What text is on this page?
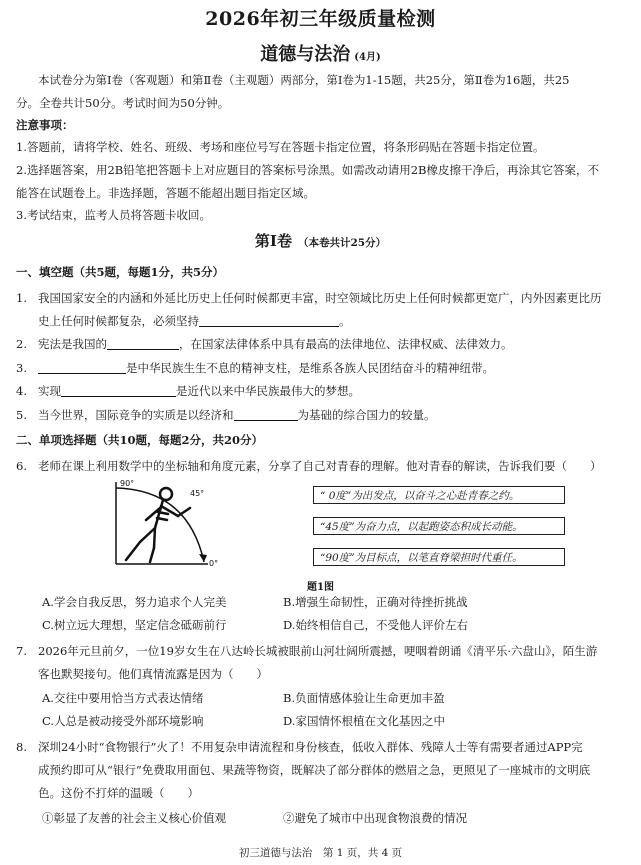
2026年初三年级质量检测
道德与法治 (4月)
本试卷分为第Ⅰ卷（客观题）和第Ⅱ卷（主观题）两部分，第Ⅰ卷为1-15题，共25分，第Ⅱ卷为16题，共25
分。全卷共计50分。考试时间为50分钟。
注意事项：
1.答题前，请将学校、姓名、班级、考场和座位号写在答题卡指定位置，将条形码贴在答题卡指定位置。
2.选择题答案，用2B铅笔把答题卡上对应题目的答案标号涂黑。如需改动请用2B橡皮擦干净后，再涂其它答案，不
能答在试题卷上。非选择题，答题不能超出题目指定区域。
3.考试结束，监考人员将答题卡收回。
第Ⅰ卷 （本卷共计25分）
一、填空题（共5题，每题1分，共5分）
1. 我国国家安全的内涵和外延比历史上任何时候都更丰富，时空领域比历史上任何时候都更宽广，内外因素更比历
史上任何时候都复杂，必须坚持	。
2. 宪法是我国的	，在国家法律体系中具有最高的法律地位、法律权威、法律效力。
3.	是中华民族生生不息的精神支柱，是维系各族人民团结奋斗的精神纽带。
4. 实现	是近代以来中华民族最伟大的梦想。
5. 当今世界，国际竞争的实质是以经济和	为基础的综合国力的较量。
二、单项选择题（共10题，每题2分，共20分）
6. 老师在课上利用数学中的坐标轴和角度元素，分享了自己对青春的理解。他对青春的解读，告诉我们要（　　）
90°
45°
0°
“ 0度”为出发点，以奋斗之心赴青春之约。
“45度”为奋力点，以起跑姿态积成长动能。
“90度”为目标点，以笔直脊梁担时代重任。
题1图
A.学会自我反思，努力追求个人完美	B.增强生命韧性，正确对待挫折挑战
C.树立远大理想，坚定信念砥砺前行	D.始终相信自己，不受他人评价左右
7. 2026年元旦前夕，一位19岁女生在八达岭长城被眼前山河壮阔所震撼，哽咽着朗诵《清平乐·六盘山》，陌生游
客也默契接句。他们真情流露是因为（　　）
A.交往中要用恰当方式表达情绪	B.负面情感体验让生命更加丰盈
C.人总是被动接受外部环境影响	D.家国情怀根植在文化基因之中
8. 深圳24小时“食物银行”火了！不用复杂申请流程和身份核查，低收入群体、残障人士等有需要者通过APP完
成预约即可从“银行”免费取用面包、果蔬等物资，既解决了部分群体的燃眉之急，更照见了一座城市的文明底
色。这份不打烊的温暖（　　）
①彰显了友善的社会主义核心价值观	②避免了城市中出现食物浪费的情况
初三道德与法治　第 1 页，共 4 页
